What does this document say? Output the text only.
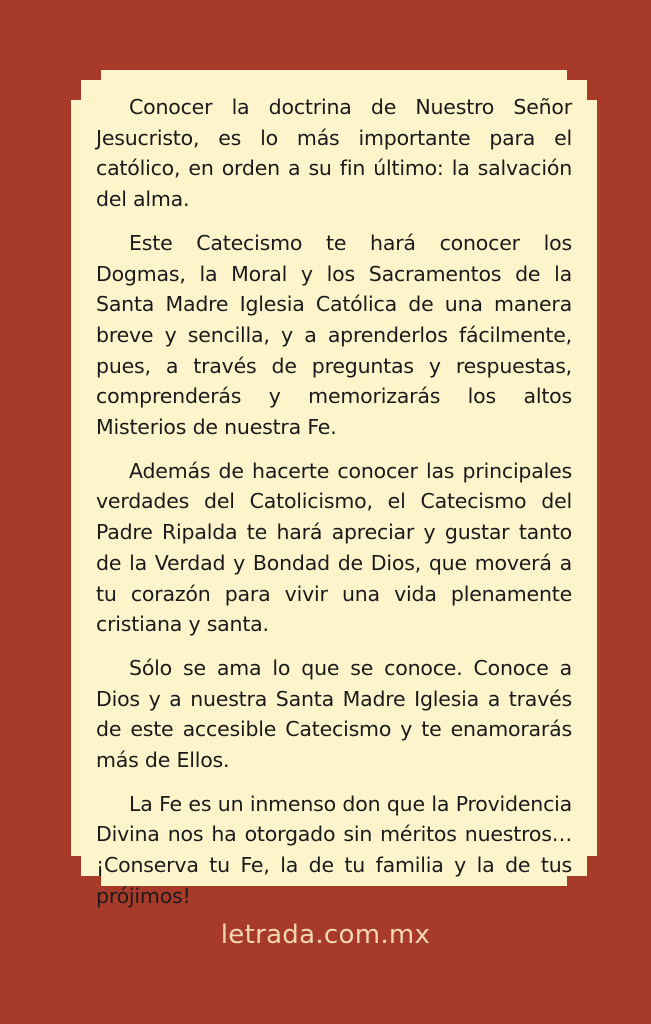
Conocer la doctrina de Nuestro Señor Jesucristo, es lo más importante para el católico, en orden a su fin último: la salvación del alma.

Este Catecismo te hará conocer los Dogmas, la Moral y los Sacramentos de la Santa Madre Iglesia Católica de una manera breve y sencilla, y a aprenderlos fácilmente, pues, a través de preguntas y respuestas, comprenderás y memorizarás los altos Misterios de nuestra Fe.

Además de hacerte conocer las principales verdades del Catolicismo, el Catecismo del Padre Ripalda te hará apreciar y gustar tanto de la Verdad y Bondad de Dios, que moverá a tu corazón para vivir una vida plenamente cristiana y santa.

Sólo se ama lo que se conoce. Conoce a Dios y a nuestra Santa Madre Iglesia a través de este accesible Catecismo y te enamorarás más de Ellos.

La Fe es un inmenso don que la Providencia Divina nos ha otorgado sin méritos nuestros… ¡Conserva tu Fe, la de tu familia y la de tus prójimos!

letrada.com.mx
